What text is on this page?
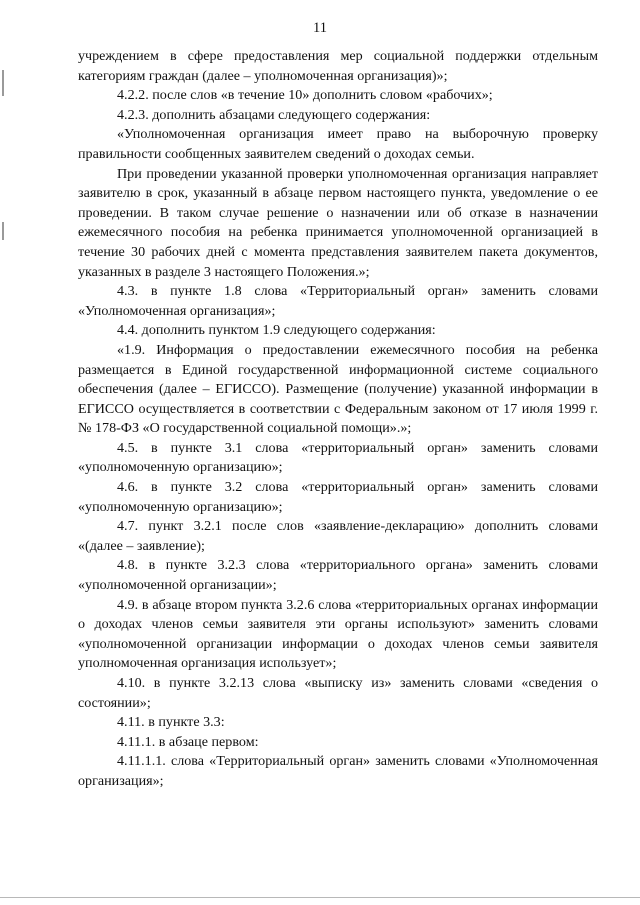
11

учреждением в сфере предоставления мер социальной поддержки отдельным категориям граждан (далее – уполномоченная организация)»;

4.2.2. после слов «в течение 10» дополнить словом «рабочих»;

4.2.3. дополнить абзацами следующего содержания:

«Уполномоченная организация имеет право на выборочную проверку правильности сообщенных заявителем сведений о доходах семьи.

При проведении указанной проверки уполномоченная организация направляет заявителю в срок, указанный в абзаце первом настоящего пункта, уведомление о ее проведении. В таком случае решение о назначении или об отказе в назначении ежемесячного пособия на ребенка принимается уполномоченной организацией в течение 30 рабочих дней с момента представления заявителем пакета документов, указанных в разделе 3 настоящего Положения.»;

4.3. в пункте 1.8 слова «Территориальный орган» заменить словами «Уполномоченная организация»;

4.4. дополнить пунктом 1.9 следующего содержания:

«1.9. Информация о предоставлении ежемесячного пособия на ребенка размещается в Единой государственной информационной системе социального обеспечения (далее – ЕГИССО). Размещение (получение) указанной информации в ЕГИССО осуществляется в соответствии с Федеральным законом от 17 июля 1999 г. № 178-ФЗ «О государственной социальной помощи».»;

4.5. в пункте 3.1 слова «территориальный орган» заменить словами «уполномоченную организацию»;

4.6. в пункте 3.2 слова «территориальный орган» заменить словами «уполномоченную организацию»;

4.7. пункт 3.2.1 после слов «заявление-декларацию» дополнить словами «(далее – заявление);

4.8. в пункте 3.2.3 слова «территориального органа» заменить словами «уполномоченной организации»;

4.9. в абзаце втором пункта 3.2.6 слова «территориальных органах информации о доходах членов семьи заявителя эти органы используют» заменить словами «уполномоченной организации информации о доходах членов семьи заявителя уполномоченная организация использует»;

4.10. в пункте 3.2.13 слова «выписку из» заменить словами «сведения о состоянии»;

4.11. в пункте 3.3:

4.11.1. в абзаце первом:

4.11.1.1. слова «Территориальный орган» заменить словами «Уполномоченная организация»;
